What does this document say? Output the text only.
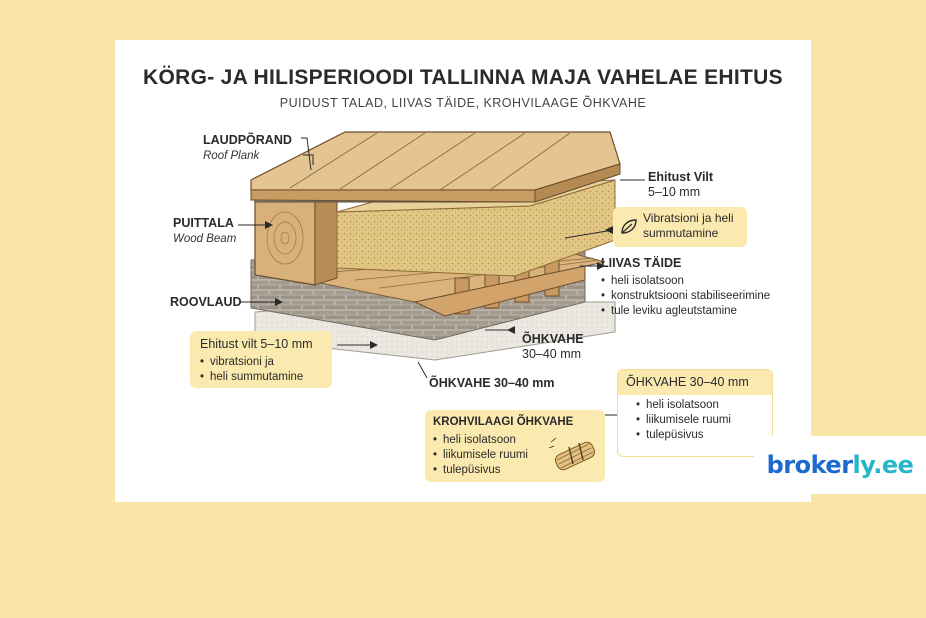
KÖRG- JA HILISPERIOODI TALLINNA MAJA VAHELAE EHITUS
PUIDUST TALAD, LIIVAS TÄIDE, KROHVILAAGE ÕHKVAHE
LAUDPÕRAND
Roof Plank
PUITTALA
Wood Beam
ROOVLAUD
Ehitust Vilt
5–10 mm
ÕHKVAHE
30–40 mm
ÕHKVAHE 30–40 mm
Vibratsioni ja heli summutamine
LIIVAS TÄIDE
• heli isolatsoon
• konstruktsiooni stabiliseerimine
• tule leviku agleutstamine
Ehitust vilt 5–10 mm
• vibratsioni ja
• heli summutamine	ÕHKVAHE 30–40 mm
• heli isolatsoon
• liikumisele ruumi
• tulepüsivus
KROHVILAAGI ÕHKVAHE
• heli isolatsoon
• liikumisele ruumi
• tulepüsivus	brokerly.ee
